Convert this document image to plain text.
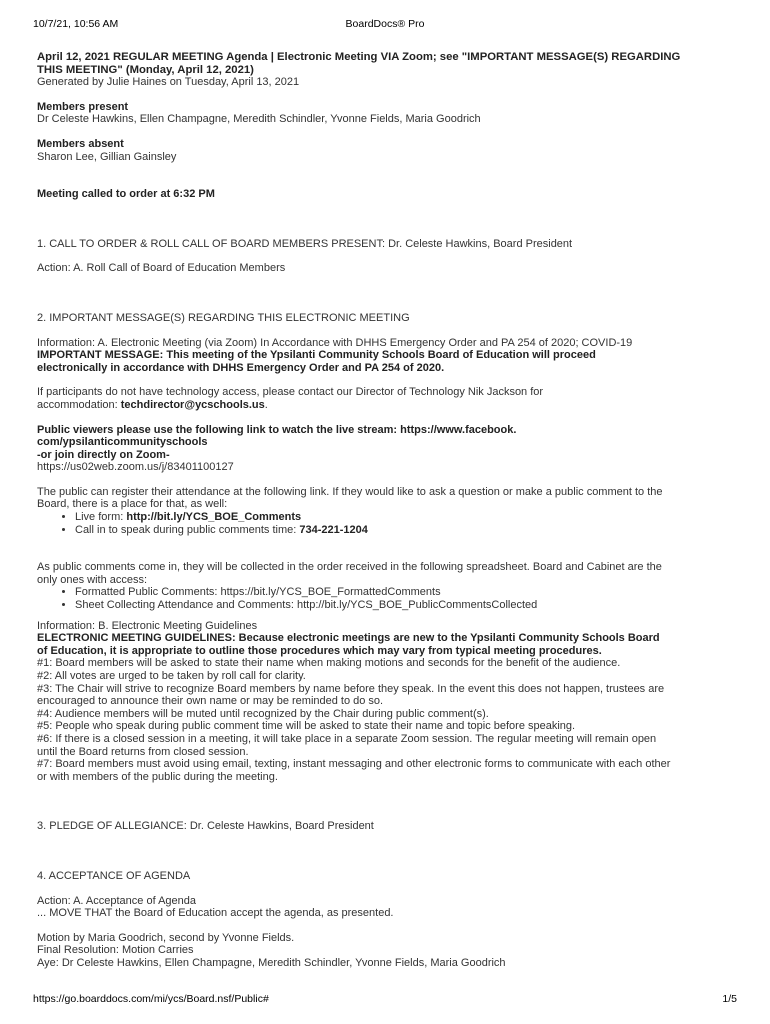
10/7/21, 10:56 AM	BoardDocs® Pro

April 12, 2021 REGULAR MEETING Agenda | Electronic Meeting VIA Zoom; see "IMPORTANT MESSAGE(S) REGARDING

THIS MEETING" (Monday, April 12, 2021)

Generated by Julie Haines on Tuesday, April 13, 2021

Members present

Dr Celeste Hawkins, Ellen Champagne, Meredith Schindler, Yvonne Fields, Maria Goodrich

Members absent

Sharon Lee, Gillian Gainsley

Meeting called to order at 6:32 PM

1. CALL TO ORDER & ROLL CALL OF BOARD MEMBERS PRESENT: Dr. Celeste Hawkins, Board President

Action: A. Roll Call of Board of Education Members

2. IMPORTANT MESSAGE(S) REGARDING THIS ELECTRONIC MEETING

Information: A. Electronic Meeting (via Zoom) In Accordance with DHHS Emergency Order and PA 254 of 2020; COVID-19

IMPORTANT MESSAGE: This meeting of the Ypsilanti Community Schools Board of Education will proceed

electronically in accordance with DHHS Emergency Order and PA 254 of 2020.

If participants do not have technology access, please contact our Director of Technology Nik Jackson for

accommodation: techdirector@ycschools.us.

Public viewers please use the following link to watch the live stream: https://www.facebook.

com/ypsilanticommunityschools

-or join directly on Zoom-

https://us02web.zoom.us/j/83401100127

The public can register their attendance at the following link. If they would like to ask a question or make a public comment to the

Board, there is a place for that, as well:

• Live form: http://bit.ly/YCS_BOE_Comments
• Call in to speak during public comments time: 734-221-1204

As public comments come in, they will be collected in the order received in the following spreadsheet. Board and Cabinet are the

only ones with access:

• Formatted Public Comments: https://bit.ly/YCS_BOE_FormattedComments
• Sheet Collecting Attendance and Comments: http://bit.ly/YCS_BOE_PublicCommentsCollected

Information: B. Electronic Meeting Guidelines

ELECTRONIC MEETING GUIDELINES: Because electronic meetings are new to the Ypsilanti Community Schools Board

of Education, it is appropriate to outline those procedures which may vary from typical meeting procedures.

#1: Board members will be asked to state their name when making motions and seconds for the benefit of the audience.

#2: All votes are urged to be taken by roll call for clarity.

#3: The Chair will strive to recognize Board members by name before they speak. In the event this does not happen, trustees are

encouraged to announce their own name or may be reminded to do so.

#4: Audience members will be muted until recognized by the Chair during public comment(s).

#5: People who speak during public comment time will be asked to state their name and topic before speaking.

#6: If there is a closed session in a meeting, it will take place in a separate Zoom session. The regular meeting will remain open

until the Board returns from closed session.

#7: Board members must avoid using email, texting, instant messaging and other electronic forms to communicate with each other

or with members of the public during the meeting.

3. PLEDGE OF ALLEGIANCE: Dr. Celeste Hawkins, Board President

4. ACCEPTANCE OF AGENDA

Action: A. Acceptance of Agenda

... MOVE THAT the Board of Education accept the agenda, as presented.

Motion by Maria Goodrich, second by Yvonne Fields.

Final Resolution: Motion Carries

Aye: Dr Celeste Hawkins, Ellen Champagne, Meredith Schindler, Yvonne Fields, Maria Goodrich

https://go.boarddocs.com/mi/ycs/Board.nsf/Public#	1/5
